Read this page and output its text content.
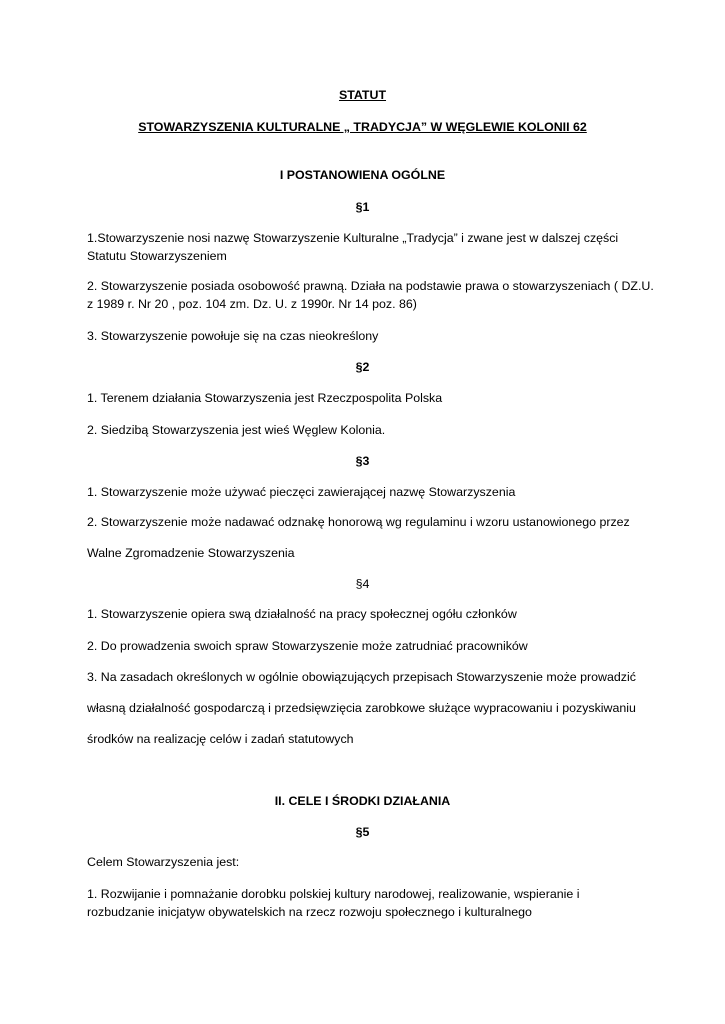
STATUT
STOWARZYSZENIA KULTURALNE „ TRADYCJA” W WĘGLEWIE KOLONII 62
I POSTANOWIENA OGÓLNE
§1
1.Stowarzyszenie nosi nazwę Stowarzyszenie Kulturalne „Tradycja” i zwane jest w dalszej części
Statutu Stowarzyszeniem
2. Stowarzyszenie posiada osobowość prawną. Działa na podstawie prawa o stowarzyszeniach ( DZ.U.
z 1989 r. Nr 20 , poz. 104 zm. Dz. U. z 1990r. Nr 14 poz. 86)
3. Stowarzyszenie powołuje się na czas nieokreślony
§2
1. Terenem działania Stowarzyszenia jest Rzeczpospolita Polska
2. Siedzibą Stowarzyszenia jest wieś Węglew Kolonia.
§3
1. Stowarzyszenie może używać pieczęci zawierającej nazwę Stowarzyszenia
2. Stowarzyszenie może nadawać odznakę honorową wg regulaminu i wzoru ustanowionego przez
Walne Zgromadzenie Stowarzyszenia
§4
1. Stowarzyszenie opiera swą działalność na pracy społecznej ogółu członków
2. Do prowadzenia swoich spraw Stowarzyszenie może zatrudniać pracowników
3. Na zasadach określonych w ogólnie obowiązujących przepisach Stowarzyszenie może prowadzić
własną działalność gospodarczą i przedsięwzięcia zarobkowe służące wypracowaniu i pozyskiwaniu
środków na realizację celów i zadań statutowych
II. CELE I ŚRODKI DZIAŁANIA
§5
Celem Stowarzyszenia jest:
1. Rozwijanie i pomnażanie dorobku polskiej kultury narodowej, realizowanie, wspieranie i
rozbudzanie inicjatyw obywatelskich na rzecz rozwoju społecznego i kulturalnego
